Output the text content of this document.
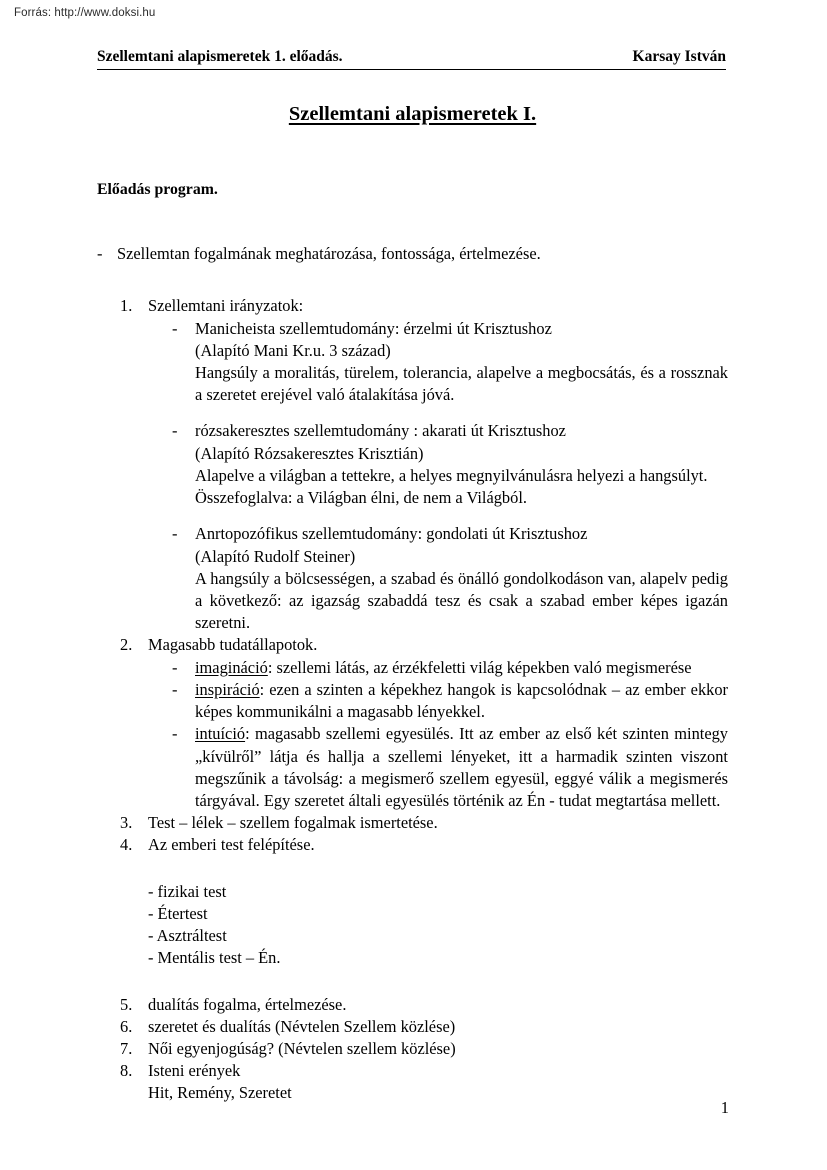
Forrás: http://www.doksi.hu
Szellemtani alapismeretek 1. előadás.	Karsay István
Szellemtani alapismeretek I.
Előadás program.
- Szellemtan fogalmának meghatározása, fontossága, értelmezése.
1. Szellemtani irányzatok:
- Manicheista szellemtudomány: érzelmi út Krisztushoz
(Alapító Mani Kr.u. 3 század)
Hangsúly a moralitás, türelem, tolerancia, alapelve a megbocsátás, és a rossznak a szeretet erejével való átalakítása jóvá.
- rózsakeresztes szellemtudomány : akarati út Krisztushoz
(Alapító Rózsakeresztes Krisztián)
Alapelve a világban a tettekre, a helyes megnyilvánulásra helyezi a hangsúlyt.
Összefoglalva: a Világban élni, de nem a Világból.
- Anrtopozófikus szellemtudomány: gondolati út Krisztushoz
(Alapító Rudolf Steiner)
A hangsúly a bölcsességen, a szabad és önálló gondolkodáson van, alapelv pedig a következő: az igazság szabaddá tesz és csak a szabad ember képes igazán szeretni.
2. Magasabb tudatállapotok.
- imagináció: szellemi látás, az érzékfeletti világ képekben való megismerése
- inspiráció: ezen a szinten a képekhez hangok is kapcsolódnak – az ember ekkor képes kommunikálni a magasabb lényekkel.
- intuíció: magasabb szellemi egyesülés. Itt az ember az első két szinten mintegy „kívülről” látja és hallja a szellemi lényeket, itt a harmadik szinten viszont megszűnik a távolság: a megismerő szellem egyesül, eggyé válik a megismerés tárgyával. Egy szeretet általi egyesülés történik az Én - tudat megtartása mellett.
3. Test – lélek – szellem fogalmak ismertetése.
4. Az emberi test felépítése.
- fizikai test
- Étertest
- Asztráltest
- Mentális test – Én.
5. dualítás fogalma, értelmezése.
6. szeretet és dualítás (Névtelen Szellem közlése)
7. Női egyenjogúság? (Névtelen szellem közlése)
8. Isteni erények
Hit, Remény, Szeretet
1
